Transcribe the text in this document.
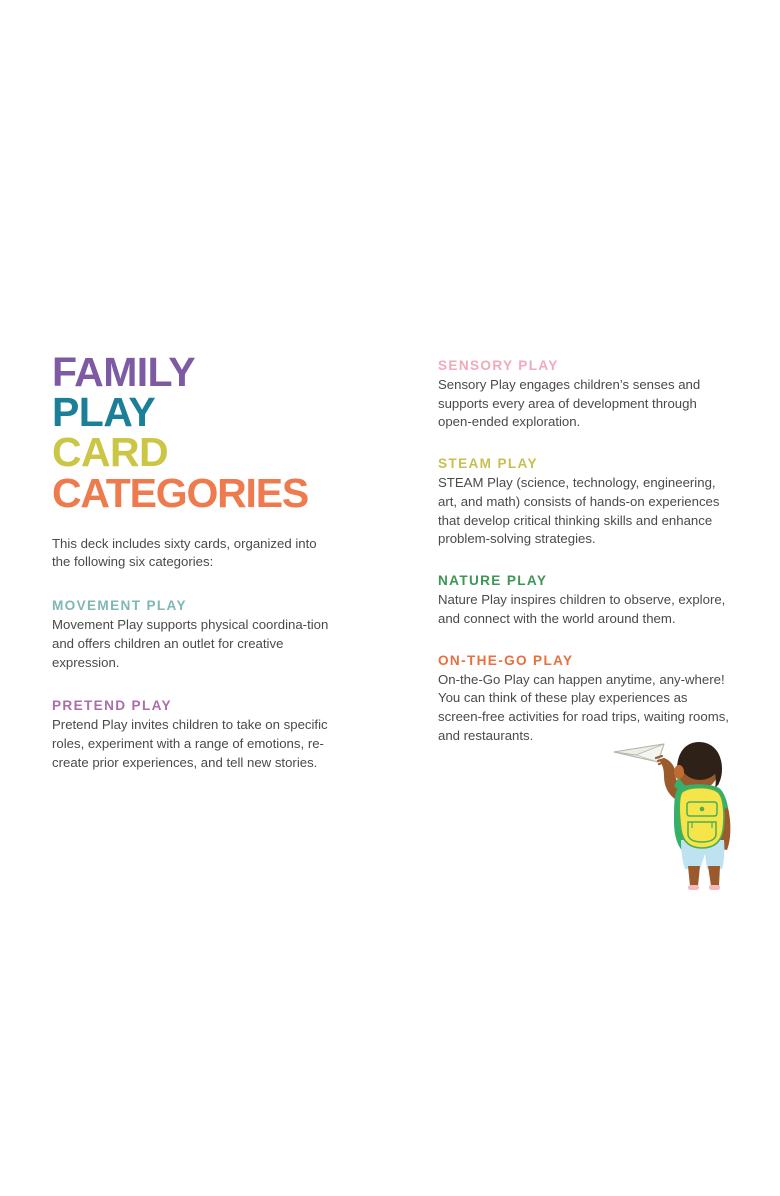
FAMILY
PLAY
CARD
CATEGORIES

This deck includes sixty cards, organized into the following six categories:

MOVEMENT PLAY

Movement Play supports physical coordina-tion and offers children an outlet for creative expression.

PRETEND PLAY

Pretend Play invites children to take on specific roles, experiment with a range of emotions, re-create prior experiences, and tell new stories.

SENSORY PLAY

Sensory Play engages children’s senses and supports every area of development through open-ended exploration.

STEAM PLAY

STEAM Play (science, technology, engineering, art, and math) consists of hands-on experiences that develop critical thinking skills and enhance problem-solving strategies.

NATURE PLAY

Nature Play inspires children to observe, explore, and connect with the world around them.

ON-THE-GO PLAY

On-the-Go Play can happen anytime, any-where! You can think of these play experiences as screen-free activities for road trips, waiting rooms, and restaurants.
